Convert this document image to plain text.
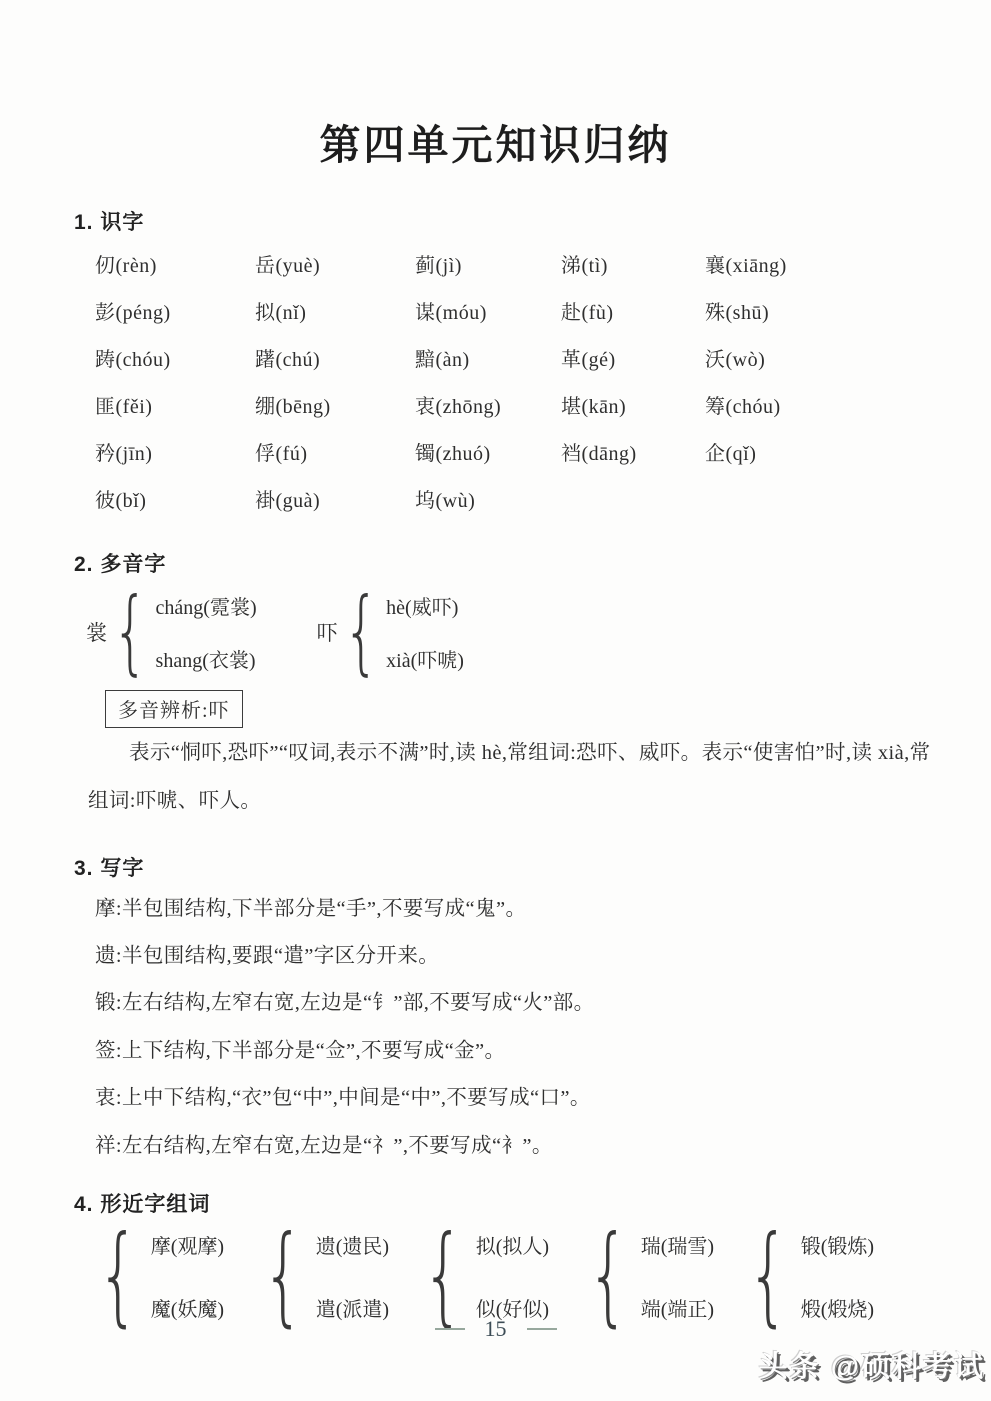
第四单元知识归纳
1. 识字
仞(rèn)	岳(yuè)	蓟(jì)	涕(tì)	襄(xiāng)
彭(péng)	拟(nǐ)	谋(móu)	赴(fù)	殊(shū)
踌(chóu)	躇(chú)	黯(àn)	革(gé)	沃(wò)
匪(fěi)	绷(bēng)	衷(zhōng)	堪(kān)	筹(chóu)
矜(jīn)	俘(fú)	镯(zhuó)	裆(dāng)	企(qǐ)
彼(bǐ)	褂(guà)	坞(wù)
2. 多音字
裳
{
cháng(霓裳)
shang(衣裳)
吓
{
hè(威吓)
xià(吓唬)
多音辨析:吓

表示“恫吓,恐吓”“叹词,表示不满”时,读 hè,常组词:恐吓、威吓。表示“使害怕”时,读 xià,常组词:吓唬、吓人。

3. 写字
摩:半包围结构,下半部分是“手”,不要写成“鬼”。
遗:半包围结构,要跟“遣”字区分开来。
锻:左右结构,左窄右宽,左边是“钅”部,不要写成“火”部。
签:上下结构,下半部分是“佥”,不要写成“金”。
衷:上中下结构,“衣”包“中”,中间是“中”,不要写成“口”。
祥:左右结构,左窄右宽,左边是“礻”,不要写成“衤”。
4. 形近字组词
{
摩(观摩)
魔(妖魔)
{
遗(遗民)
遣(派遣)
{
拟(拟人)
似(好似)
{
瑞(瑞雪)
端(端正)
{
锻(锻炼)
煅(煅烧)
15
头条 @硕科考试
